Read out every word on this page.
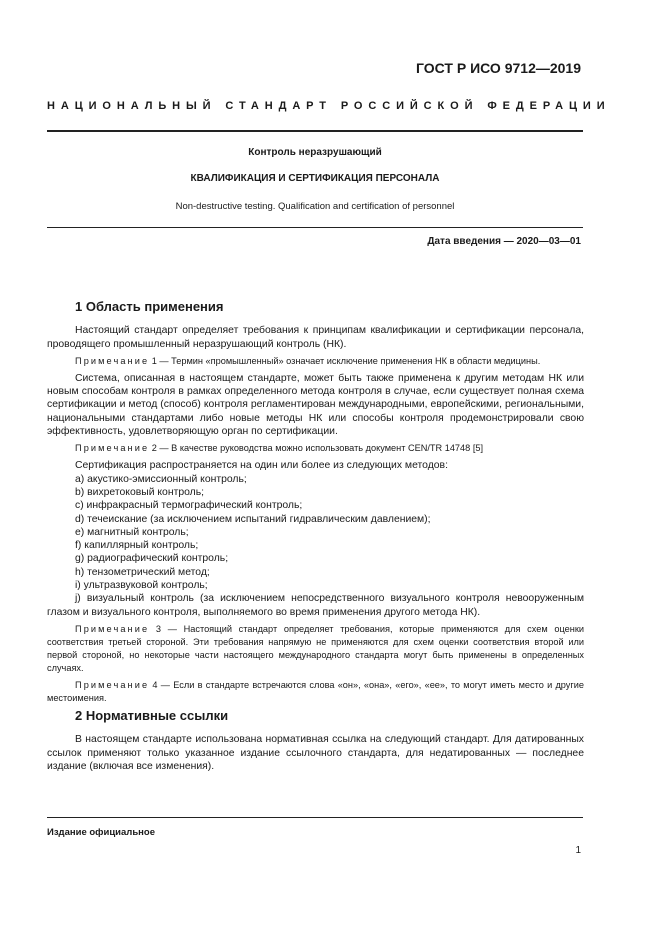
ГОСТ Р ИСО 9712—2019
НАЦИОНАЛЬНЫЙ СТАНДАРТ РОССИЙСКОЙ ФЕДЕРАЦИИ
Контроль неразрушающий
КВАЛИФИКАЦИЯ И СЕРТИФИКАЦИЯ ПЕРСОНАЛА
Non-destructive testing. Qualification and certification of personnel
Дата введения — 2020—03—01
1 Область применения

Настоящий стандарт определяет требования к принципам квалификации и сертификации персонала, проводящего промышленный неразрушающий контроль (НК).

Примечание 1 — Термин «промышленный» означает исключение применения НК в области медицины.

Система, описанная в настоящем стандарте, может быть также применена к другим методам НК или новым способам контроля в рамках определенного метода контроля в случае, если существует полная схема сертификации и метод (способ) контроля регламентирован международными, европейскими, региональными, национальными стандартами либо новые методы НК или способы контроля продемонстрировали свою эффективность, удовлетворяющую орган по сертификации.

Примечание 2 — В качестве руководства можно использовать документ CEN/TR 14748 [5]

Сертификация распространяется на один или более из следующих методов:

a) акустико-эмиссионный контроль;
b) вихретоковый контроль;
c) инфракрасный термографический контроль;
d) течеискание (за исключением испытаний гидравлическим давлением);
e) магнитный контроль;
f) капиллярный контроль;
g) радиографический контроль;
h) тензометрический метод;
i) ультразвуковой контроль;
j) визуальный контроль (за исключением непосредственного визуального контроля невооруженным глазом и визуального контроля, выполняемого во время применения другого метода НК).

Примечание 3 — Настоящий стандарт определяет требования, которые применяются для схем оценки соответствия третьей стороной. Эти требования напрямую не применяются для схем оценки соответствия второй или первой стороной, но некоторые части настоящего международного стандарта могут быть применены в определенных случаях.

Примечание 4 — Если в стандарте встречаются слова «он», «она», «его», «ее», то могут иметь место и другие местоимения.

2 Нормативные ссылки

В настоящем стандарте использована нормативная ссылка на следующий стандарт. Для датированных ссылок применяют только указанное издание ссылочного стандарта, для недатированных — последнее издание (включая все изменения).

Издание официальное
1
